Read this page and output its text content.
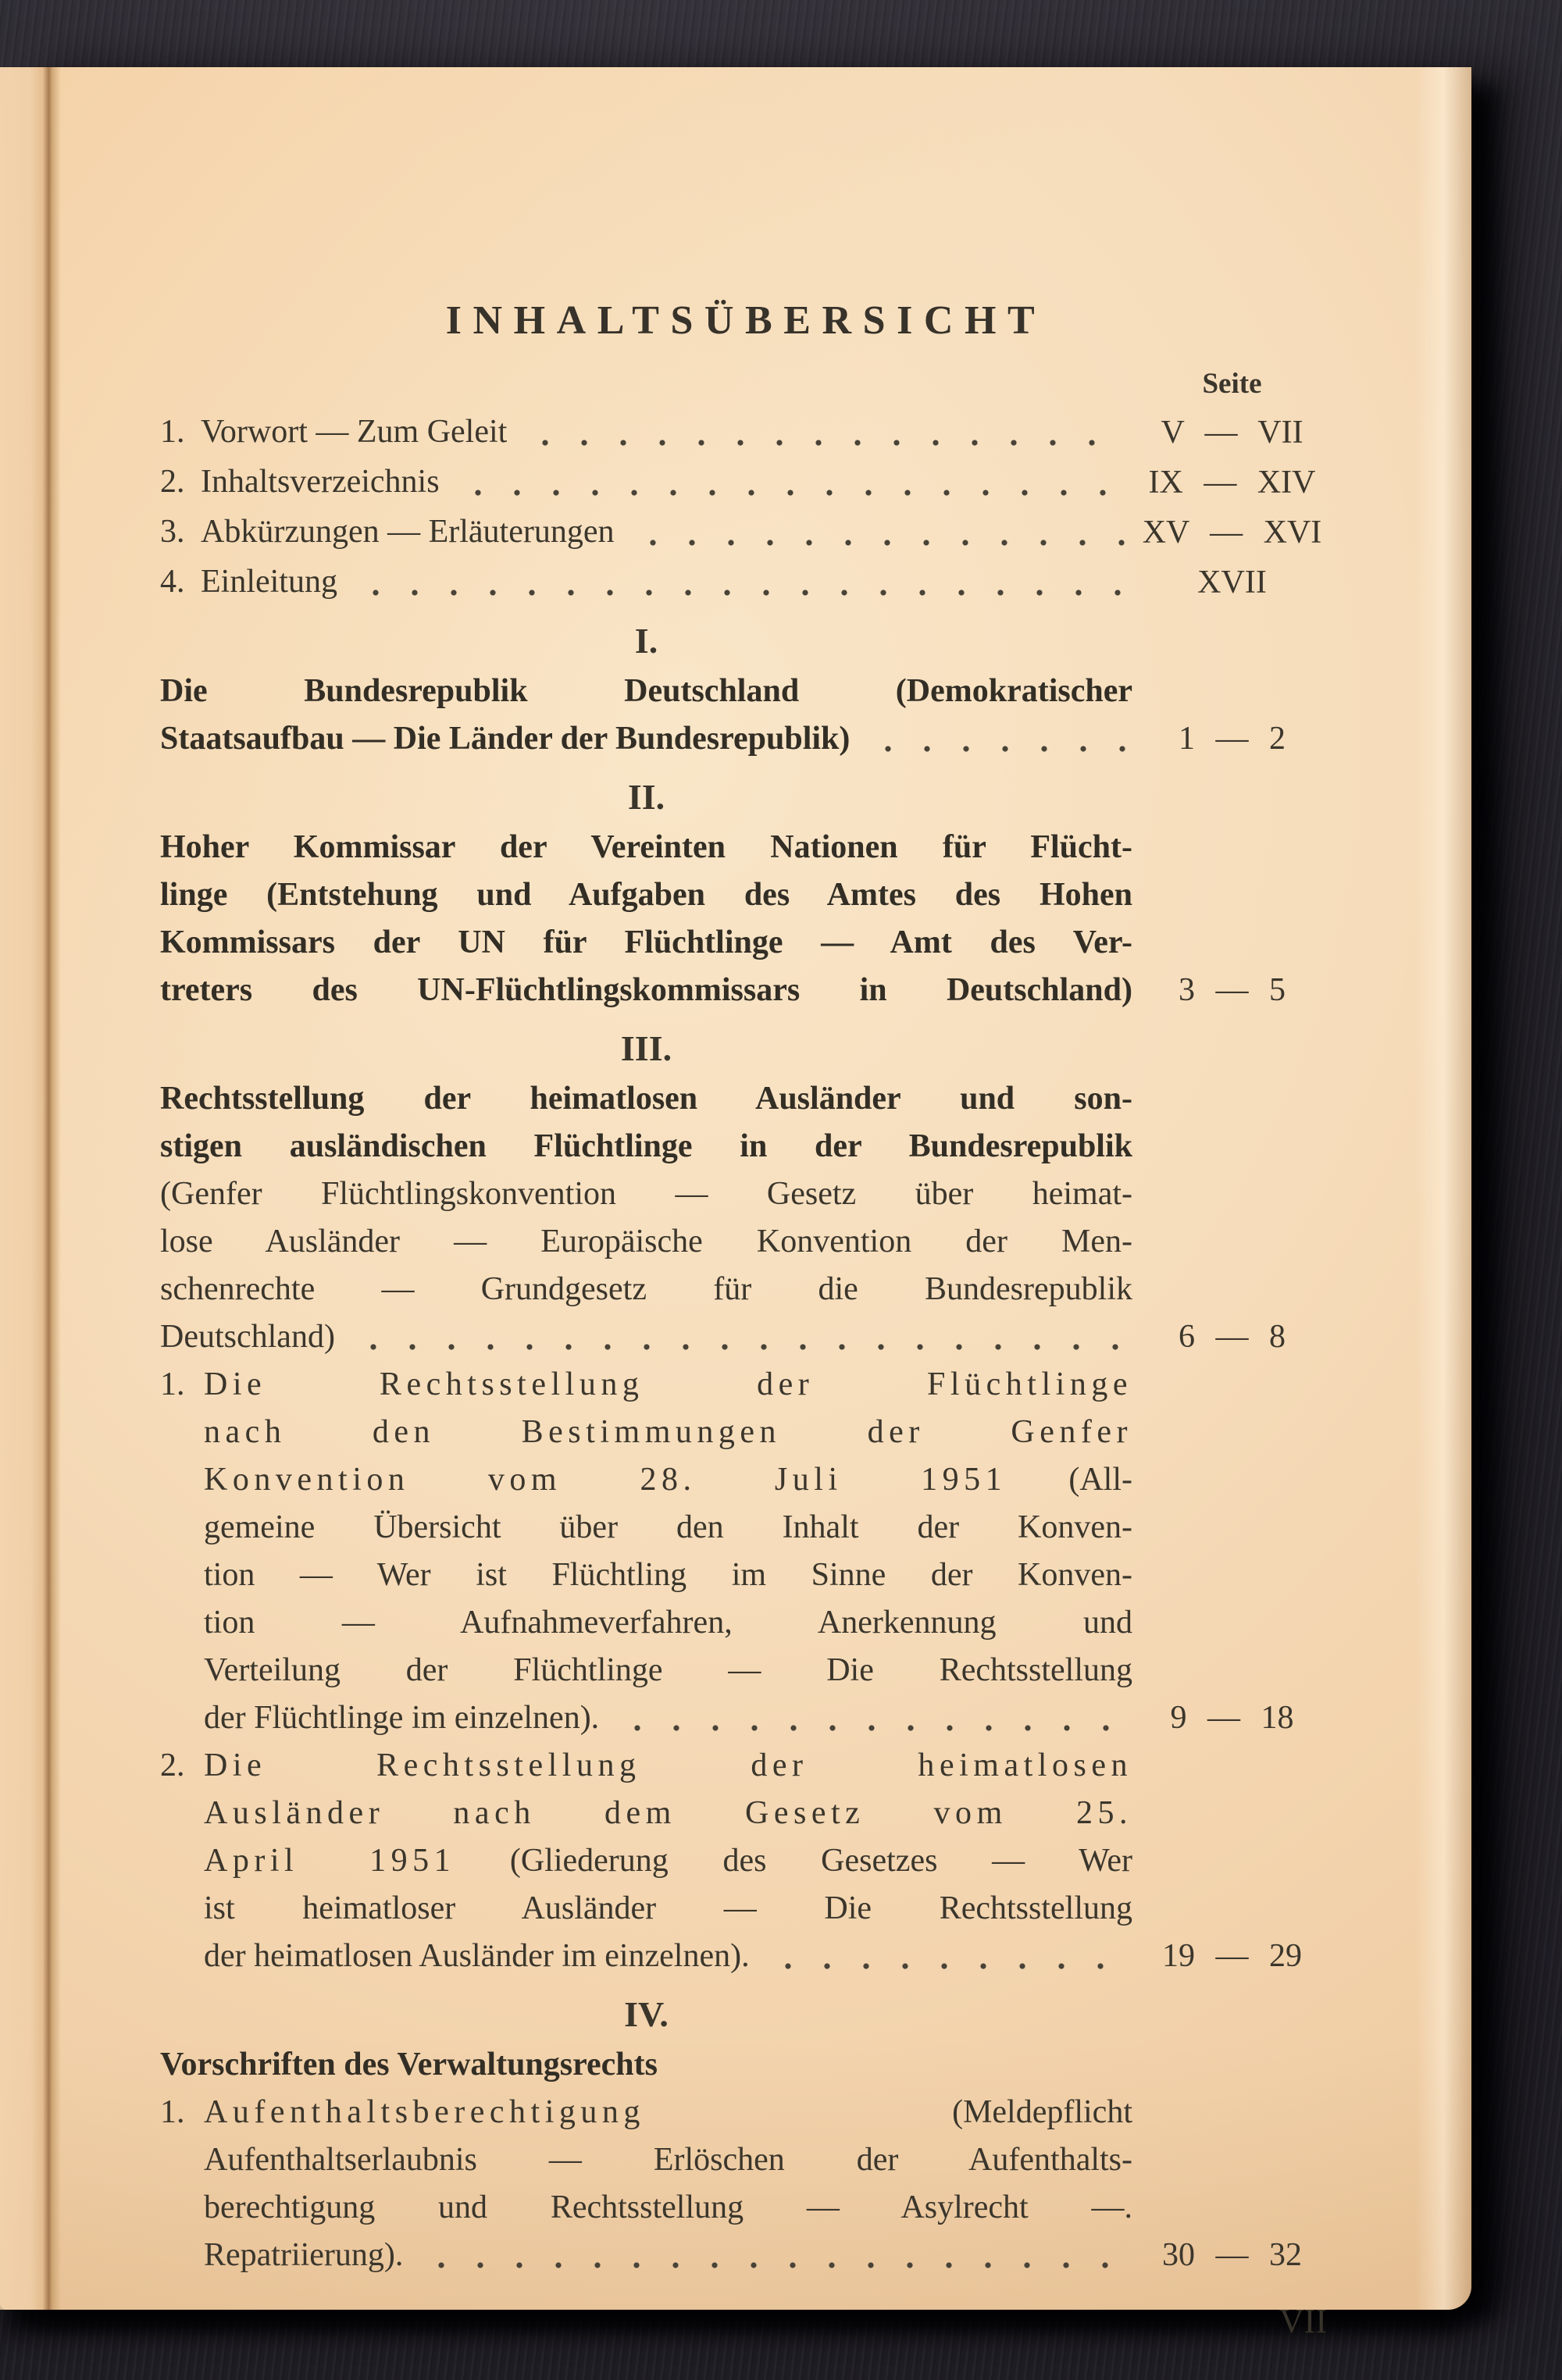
INHALTSÜBERSICHT
Seite
1. Vorwort — Zum Geleit	V — VII
2. Inhaltsverzeichnis	IX — XIV
3. Abkürzungen — Erläuterungen	XV — XVI
4. Einleitung	XVII
I.
Die Bundesrepublik Deutschland (Demokratischer
Staatsaufbau — Die Länder der Bundesrepublik)	1 — 2
II.
Hoher Kommissar der Vereinten Nationen für Flücht-
linge (Entstehung und Aufgaben des Amtes des Hohen
Kommissars der UN für Flüchtlinge — Amt des Ver-
treters des UN-Flüchtlingskommissars in Deutschland)	3 — 5
III.
Rechtsstellung der heimatlosen Ausländer und son-
stigen ausländischen Flüchtlinge in der Bundesrepublik
(Genfer Flüchtlingskonvention — Gesetz über heimat-
lose Ausländer — Europäische Konvention der Men-
schenrechte — Grundgesetz für die Bundesrepublik
Deutschland)	6 — 8
1. Die Rechtsstellung der Flüchtlinge
nach den Bestimmungen der Genfer
Konvention vom 28. Juli 1951 (All-
gemeine Übersicht über den Inhalt der Konven-
tion — Wer ist Flüchtling im Sinne der Konven-
tion — Aufnahmeverfahren, Anerkennung und
Verteilung der Flüchtlinge — Die Rechtsstellung
der Flüchtlinge im einzelnen).	9 — 18
2. Die Rechtsstellung der heimatlosen
Ausländer nach dem Gesetz vom 25.
April 1951 (Gliederung des Gesetzes — Wer
ist heimatloser Ausländer — Die Rechtsstellung
der heimatlosen Ausländer im einzelnen).	19 — 29
IV.
Vorschriften des Verwaltungsrechts
1. Aufenthaltsberechtigung (Meldepflicht
Aufenthaltserlaubnis — Erlöschen der Aufenthalts-
berechtigung und Rechtsstellung — Asylrecht —.
Repatriierung).	30 — 32
VII
